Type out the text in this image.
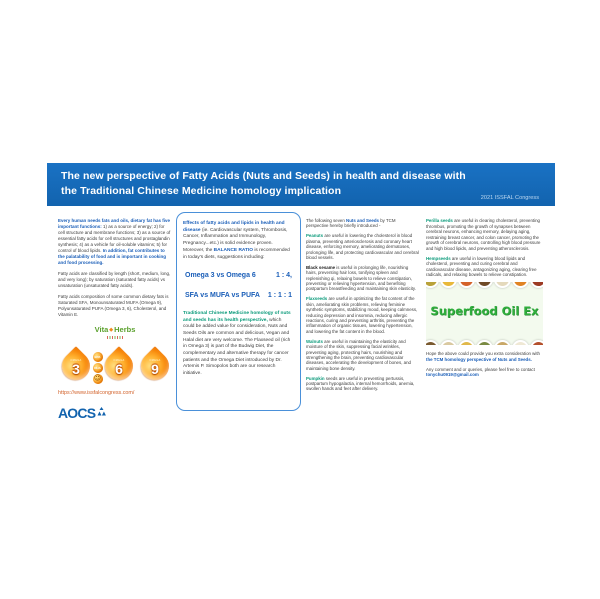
The new perspective of Fatty Acids (Nuts and Seeds) in health and disease with
the Traditional Chinese Medicine homology implication
2021 ISSFAL Congress

Every human needs fats and oils, dietary fat has five important functions: 1) as a source of energy; 2) for cell structure and membrane functions; 3) as a source of essential fatty acids for cell structures and prostaglandin synthesis; 4) as a vehicle for oil-soluble vitamins; 5) for control of blood lipids. In addition, fat contributes to the palatability of food and is important in cooking and food processing.

Fatty acids are classified by length (short, medium, long, and very long); by saturation (saturated fatty acids) vs unsaturation (unsaturated fatty acids).

Fatty acids composition of some common dietary fats is Saturated SFA, Monounsaturated MUFA (Omega 9), Polyunsaturated PUFA (Omega 3, 6), Cholesterol, and Vitamin E.

Vita◆Herbs
OMEGA
3
EPA
DHA
☺
OMEGA
6
OMEGA
9
https://www.issfalcongress.com/
AOCS

Effects of fatty acids and lipids in health and disease (ie. Cardiovascular system, Thrombosis, Cancer, Inflammation and Immunology, Pregnancy...etc.) is solid evidence proven. Moreover, the BALANCE RATIO is recommended in today's diets, suggestions including:

Omega 3 vs Omega 6	1 : 4,
SFA vs MUFA vs PUFA 1 : 1 : 1

Traditional Chinese Medicine homology of nuts and seeds has its health perspective, which could be added value for consideration, Nuts and Seeds Oils are common and delicious, Vegan and Halal diet are very welcome. The Flaxseed oil (rich in Omega 3) is part of the Budwig Diet, the complementary and alternative therapy for cancer patients and the Omega Diet introduced by Dr. Artemis P. Simopolos both are our research initiative.

The following seven Nuts and Seeds by TCM perspective hereby briefly introduced -

Peanuts are useful in lowering the cholesterol in blood plasma, preventing arteriosclerosis and coronary heart disease, enforcing memory, ameliorating dermatoses, prolonging life, and protecting cardiovascular and cerebral blood vessels.

Black sesame is useful in prolonging life, nourishing hairs, preventing hair loss, tonifying spleen and replenishing qi, relaxing bowels to relieve constipation, preventing or relieving hypertension, and benefiting postpartum breastfeeding and maintaining skin elasticity.

Flaxseeds are useful in optimizing the fat content of the skin, ameliorating skin problems, relieving feminine synthetic symptoms, stabilizing mood, keeping calmness, reducing depression and insomnia, reducing allergic reactions, curing and preventing arthritis, preventing the inflammation of organic tissues, lowering hypertension, and lowering the fat content in the blood.

Walnuts are useful in maintaining the elasticity and moisture of the skin, suppressing facial wrinkles, preventing aging, protecting hairs, nourishing and strengthening the brain, preventing cardiovascular diseases, accelerating the development of bones, and maintaining bone density.

Pumpkin seeds are useful in preventing pertussis, postpartum hypogalactia, internal hemorrhoids, anemia, swollen hands and feet after delivery.

Perilla seeds are useful in clearing cholesterol, preventing thrombus, promoting the growth of synapses between cerebral neurons, enhancing memory, delaying aging, restraining breast cancer, and colon cancer, promoting the growth of cerebral neurons, controlling high blood pressure and high blood lipids, and preventing atherosclerosis.

Hempseeds are useful in lowering blood lipids and cholesterol, preventing and curing cerebral and cardiovascular disease, antagonizing aging, clearing free radicals, and relaxing bowels to relieve constipation.

Superfood Oil Ex

Hope the above could provide you extra consideration with the TCM homology perspective of Nuts and Seeds.

Any comment and or queries, please feel free to contact tonychu0919@gmail.com
